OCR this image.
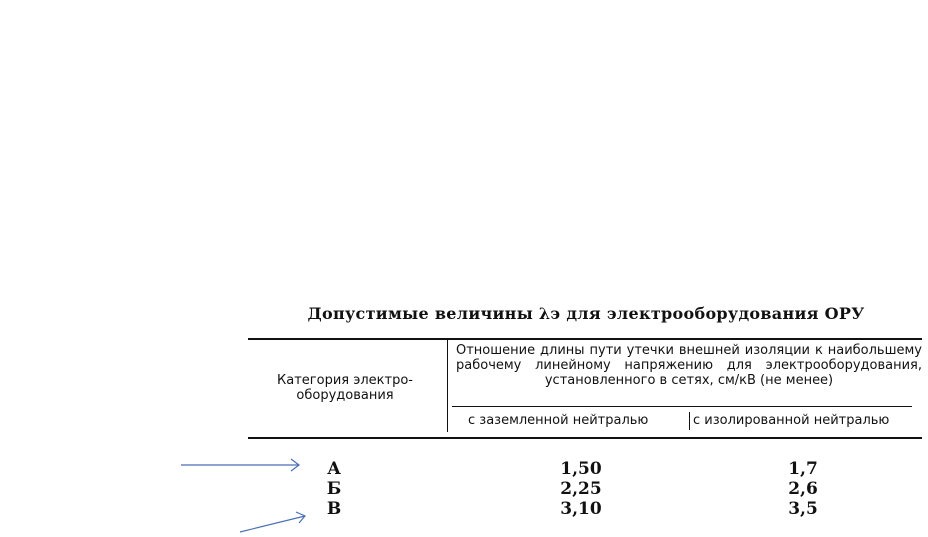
Допустимые величины λэ для электрооборудования ОРУ
Категория электро-оборудования
Отношение длины пути утечки внешней изоляции к наибольшему рабочему линейному напряжению для электрооборудования, установленного в сетях, см/кВ (не менее)
с заземленной нейтралью	с изолированной нейтралью
А	1,50	1,7
Б	2,25	2,6
В	3,10	3,5
